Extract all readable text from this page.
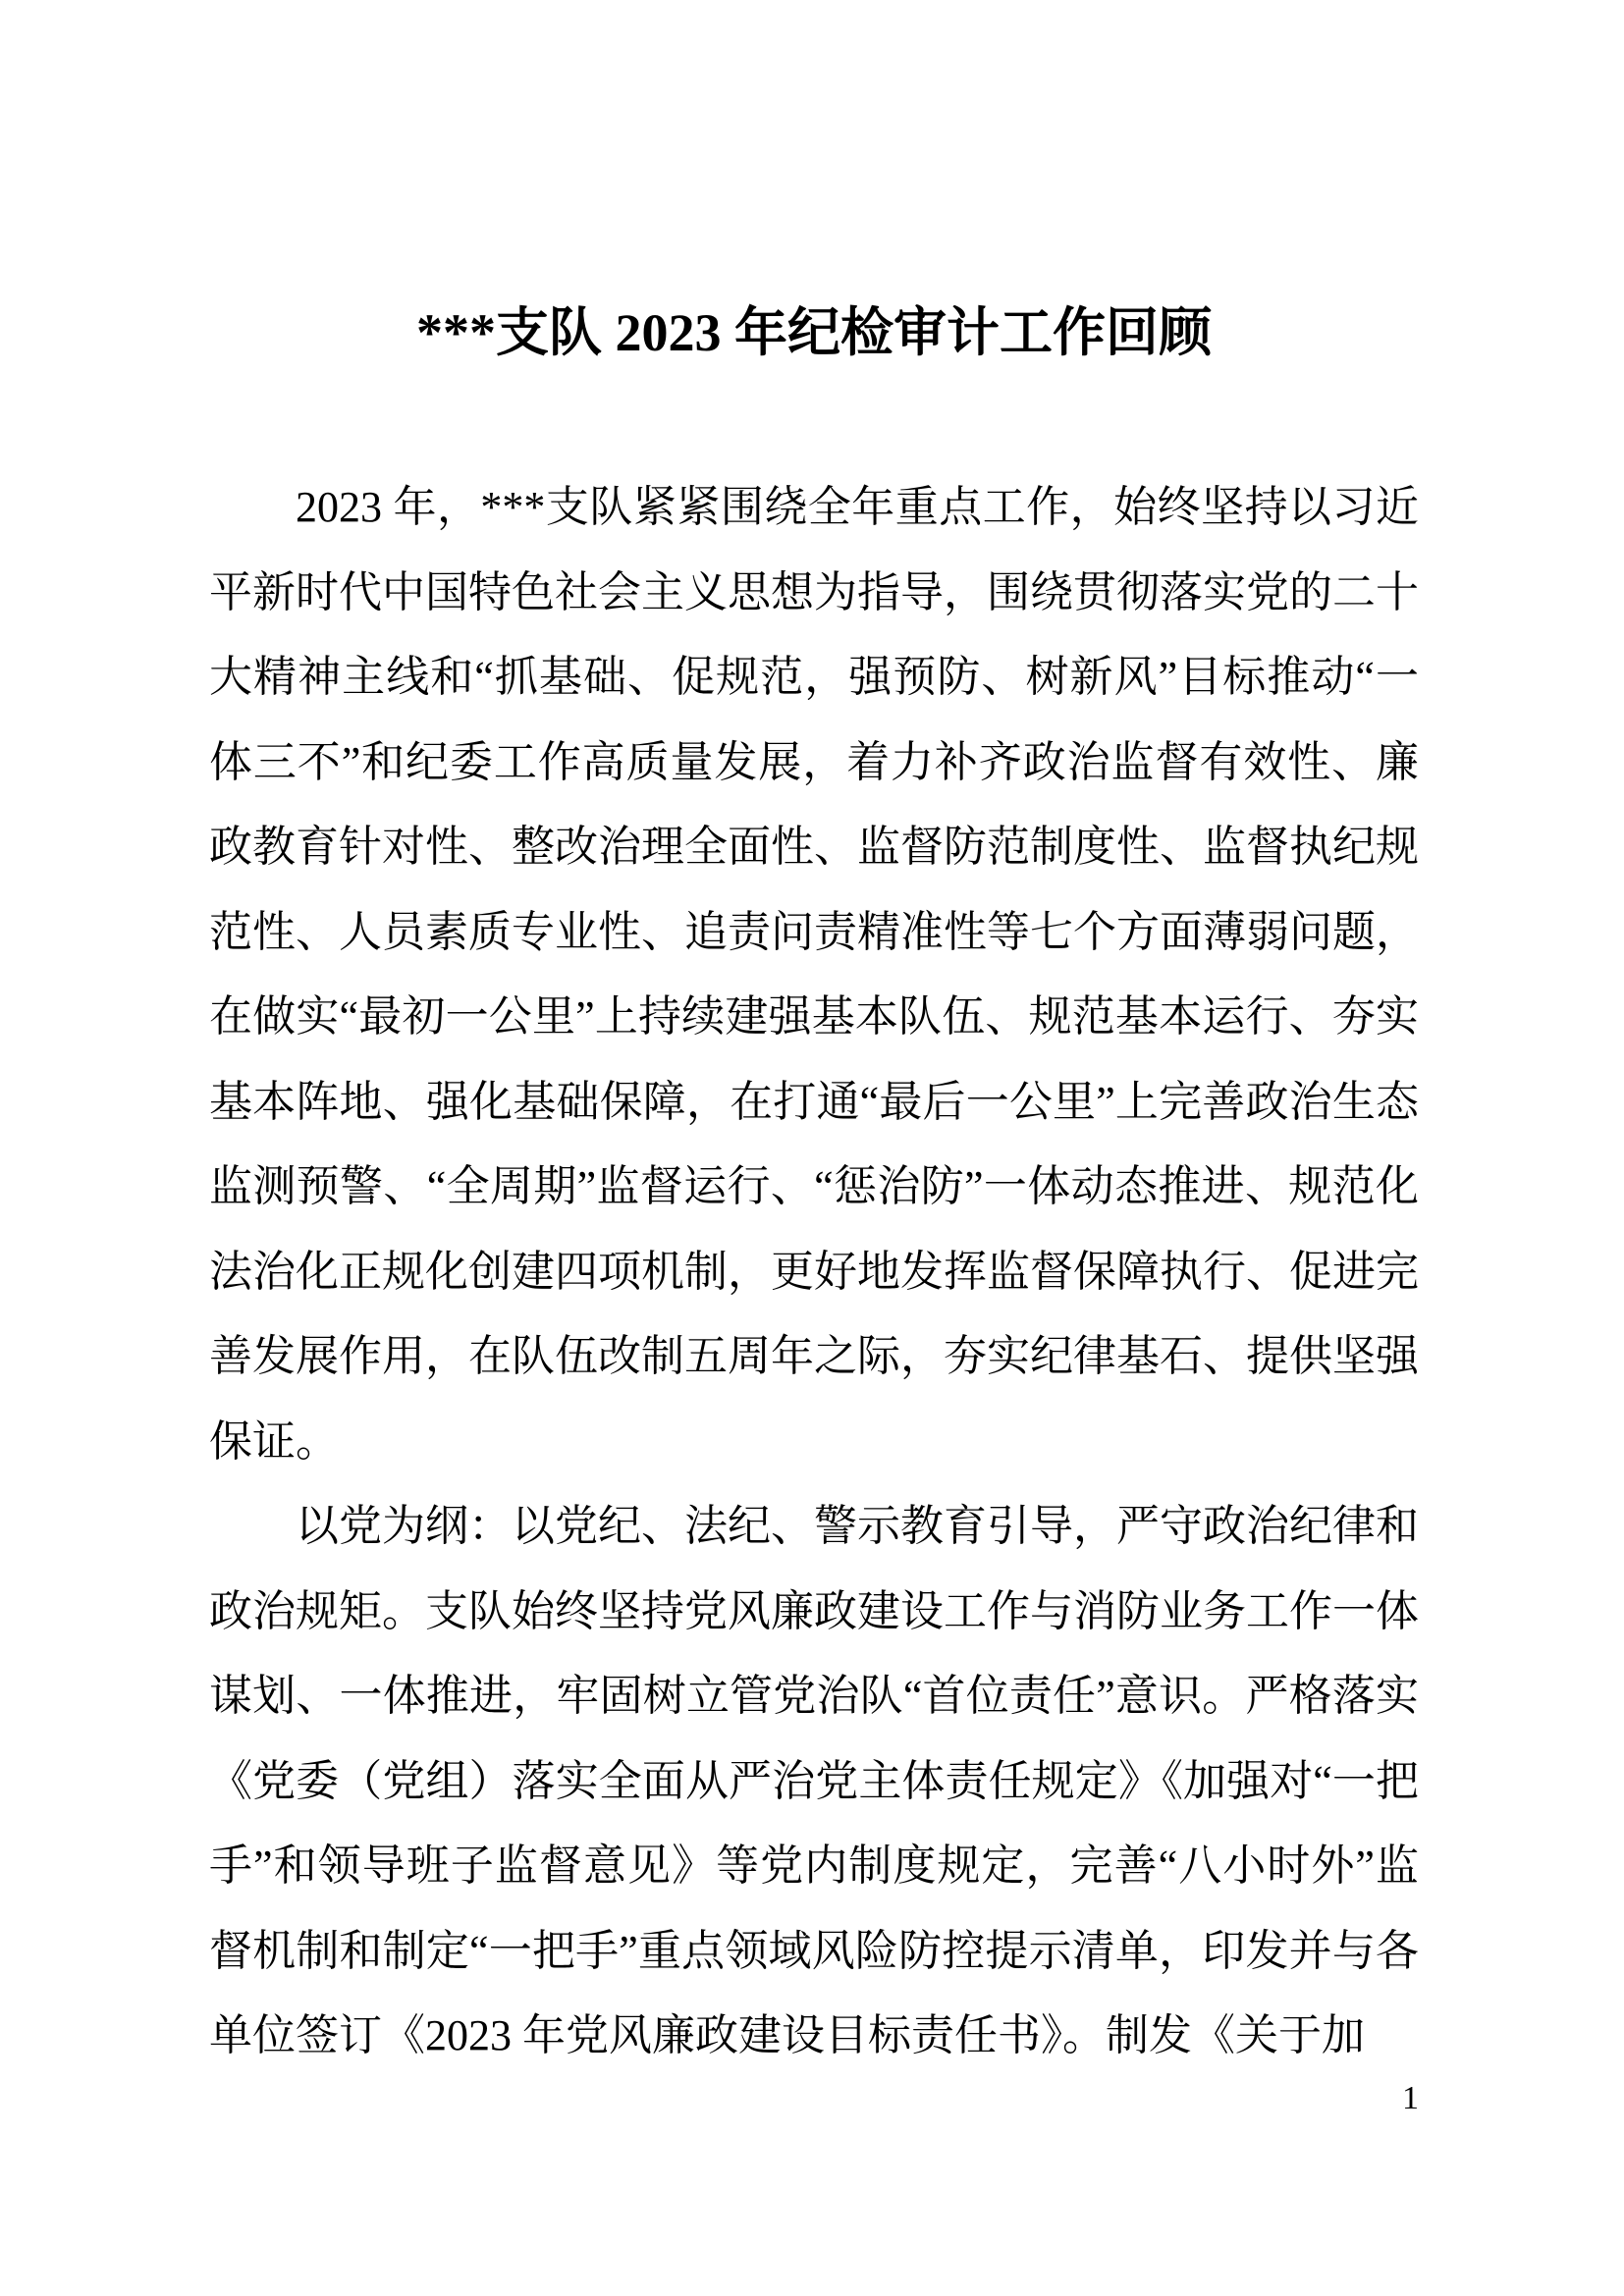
***支队 2023 年纪检审计工作回顾

2023 年，***支队紧紧围绕全年重点工作，始终坚持以习近平新时代中国特色社会主义思想为指导，围绕贯彻落实党的二十大精神主线和“抓基础、促规范，强预防、树新风”目标推动“一体三不”和纪委工作高质量发展，着力补齐政治监督有效性、廉政教育针对性、整改治理全面性、监督防范制度性、监督执纪规范性、人员素质专业性、追责问责精准性等七个方面薄弱问题，在做实“最初一公里”上持续建强基本队伍、规范基本运行、夯实基本阵地、强化基础保障，在打通“最后一公里”上完善政治生态监测预警、“全周期”监督运行、“惩治防”一体动态推进、规范化法治化正规化创建四项机制，更好地发挥监督保障执行、促进完善发展作用，在队伍改制五周年之际，夯实纪律基石、提供坚强保证。

以党为纲：以党纪、法纪、警示教育引导，严守政治纪律和政治规矩。支队始终坚持党风廉政建设工作与消防业务工作一体谋划、一体推进，牢固树立管党治队“首位责任”意识。严格落实《党委（党组）落实全面从严治党主体责任规定》《加强对“一把手”和领导班子监督意见》等党内制度规定，完善“八小时外”监督机制和制定“一把手”重点领域风险防控提示清单，印发并与各单位签订《2023 年党风廉政建设目标责任书》。制发《关于加

1
